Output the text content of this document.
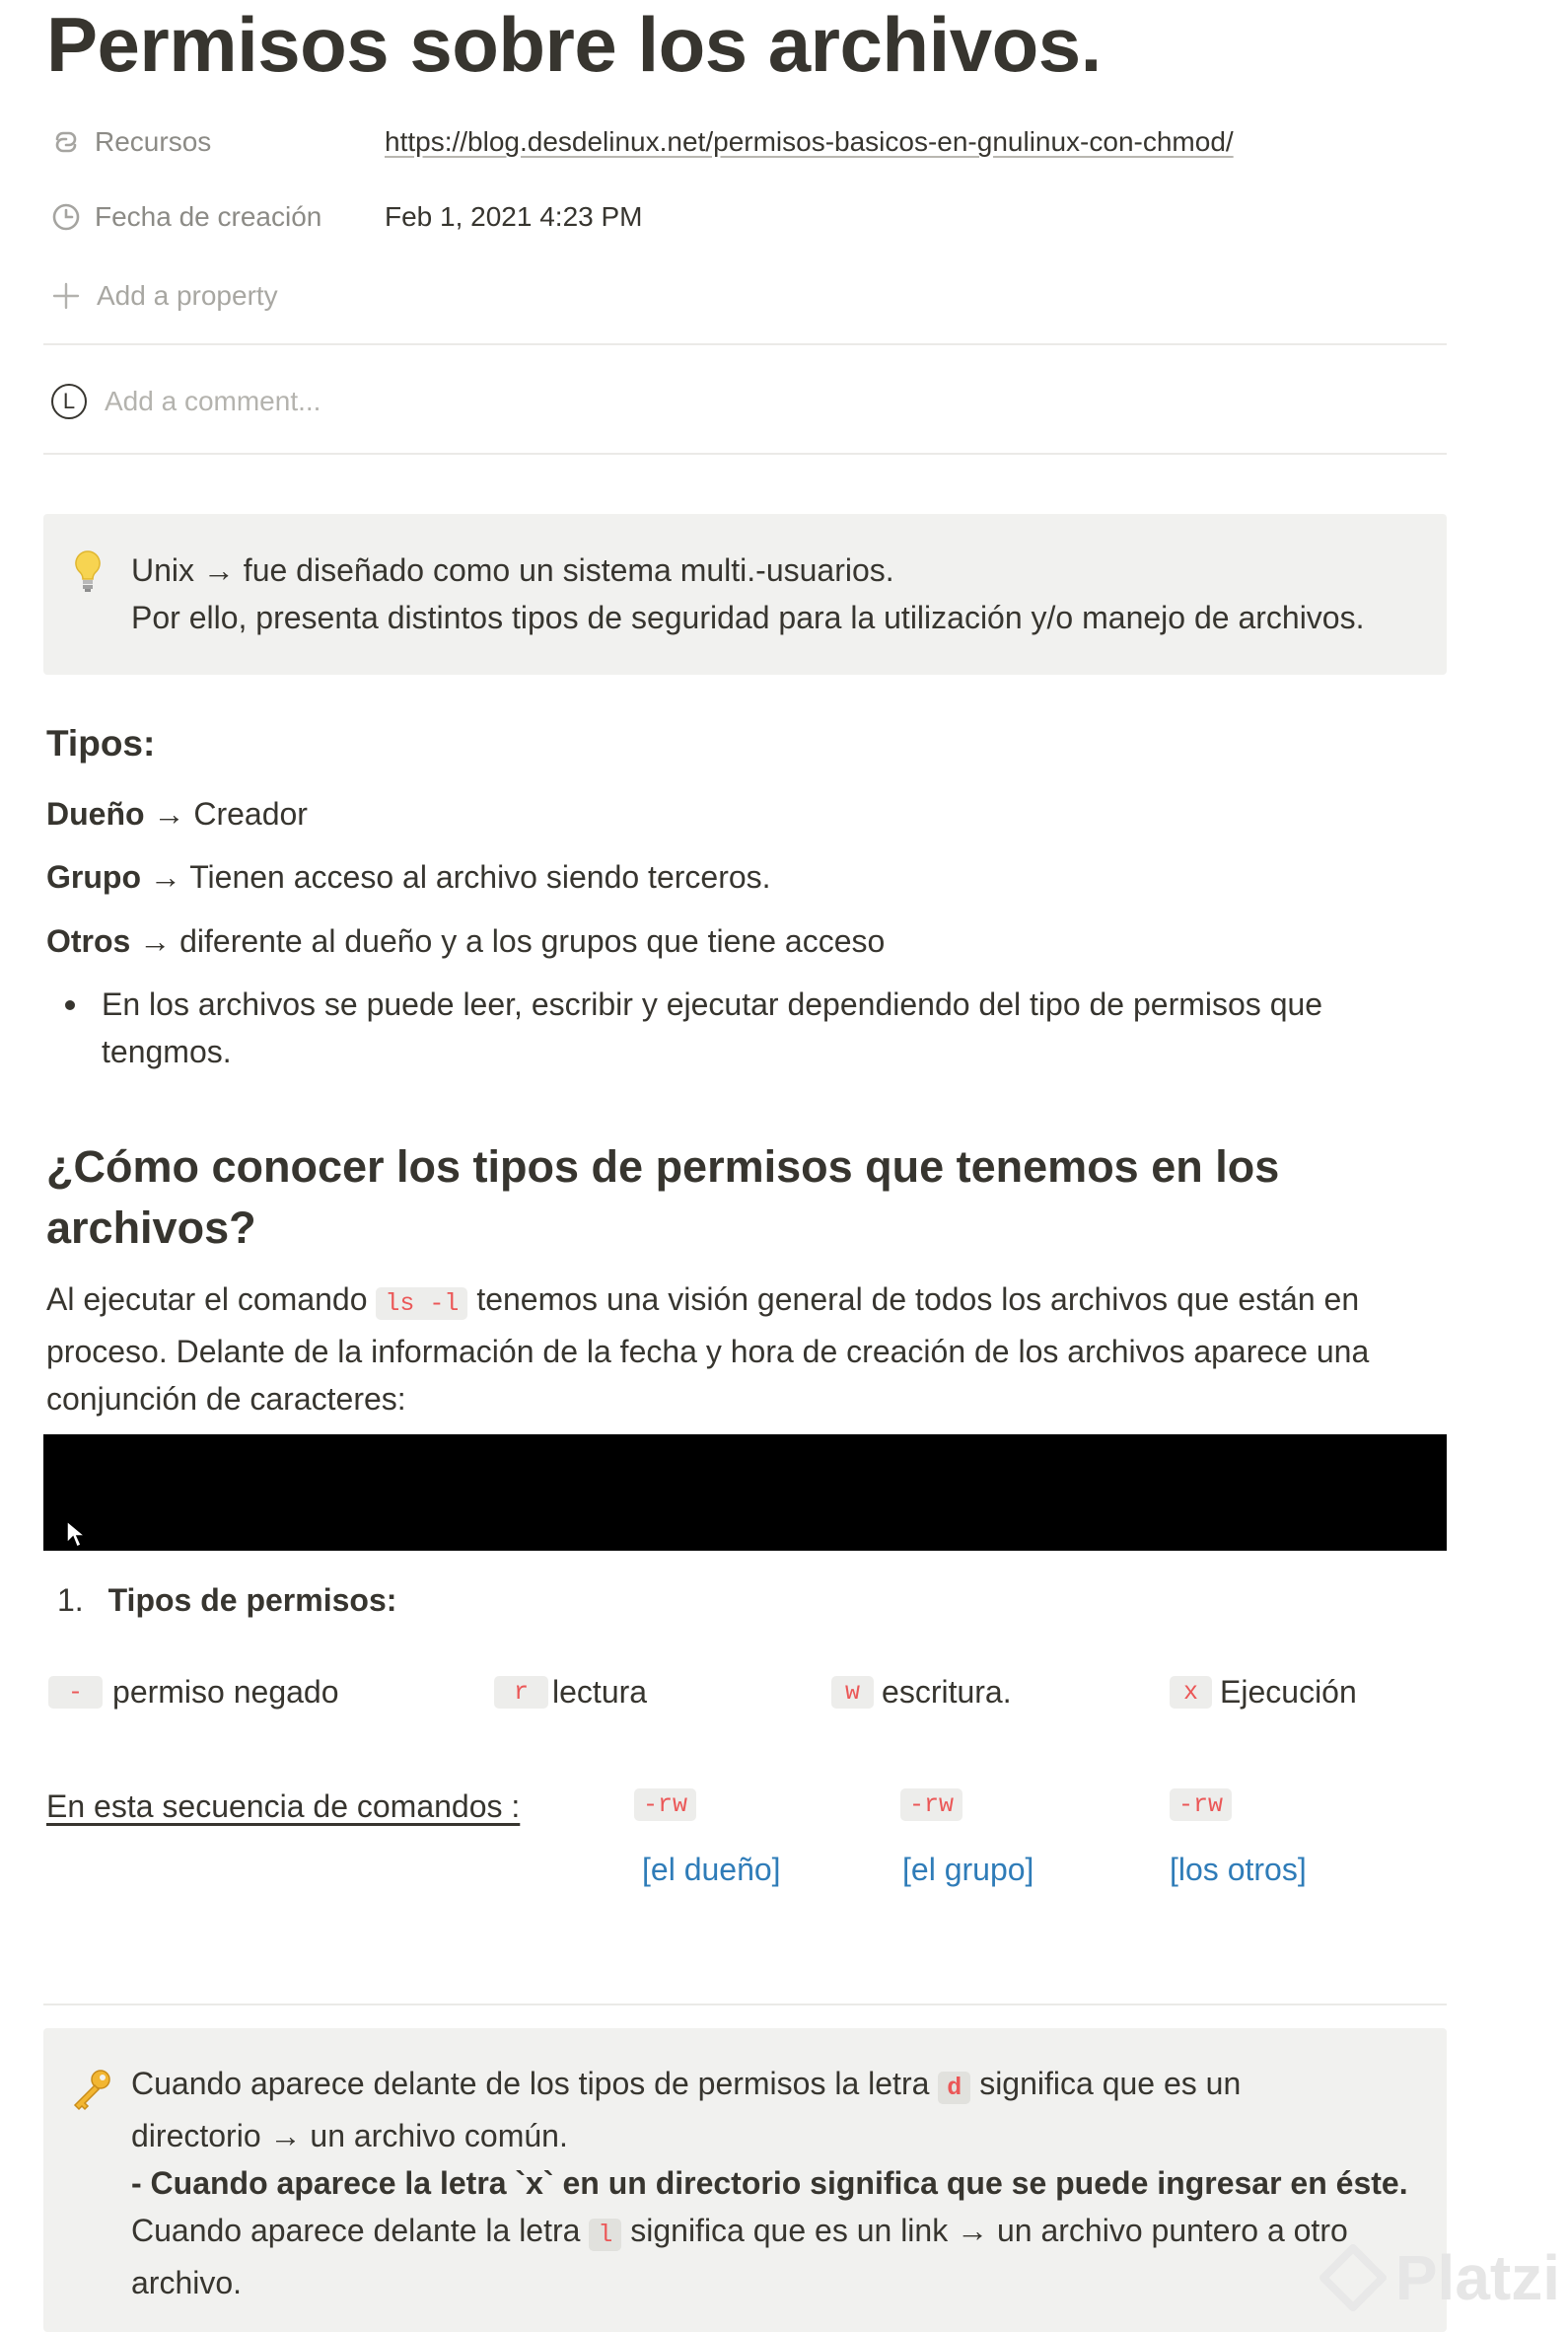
Permisos sobre los archivos.
Recursos	https://blog.desdelinux.net/permisos-basicos-en-gnulinux-con-chmod/
Fecha de creación Feb 1, 2021 4:23 PM
Add a property
L	Add a comment...
Unix → fue diseñado como un sistema multi.-usuarios.
Por ello, presenta distintos tipos de seguridad para la utilización y/o manejo de archivos.
Tipos:
Dueño → Creador
Grupo → Tienen acceso al archivo siendo terceros.
Otros → diferente al dueño y a los grupos que tiene acceso
En los archivos se puede leer, escribir y ejecutar dependiendo del tipo de permisos que
tengmos.
¿Cómo conocer los tipos de permisos que tenemos en los
archivos?
Al ejecutar el comando ls -l tenemos una visión general de todos los archivos que están en
proceso. Delante de la información de la fecha y hora de creación de los archivos aparece una
conjunción de caracteres:

1. Tipos de permisos:
- permiso negado	r lectura	w escritura.	x Ejecución
En esta secuencia de comandos :	-rw	-rw	-rw
[el dueño]	[el grupo]	[los otros]
Cuando aparece delante de los tipos de permisos la letra d significa que es un
directorio → un archivo común.
- Cuando aparece la letra `x` en un directorio significa que se puede ingresar en éste.
Cuando aparece delante la letra l significa que es un link → un archivo puntero a otro
archivo.	Platzi
